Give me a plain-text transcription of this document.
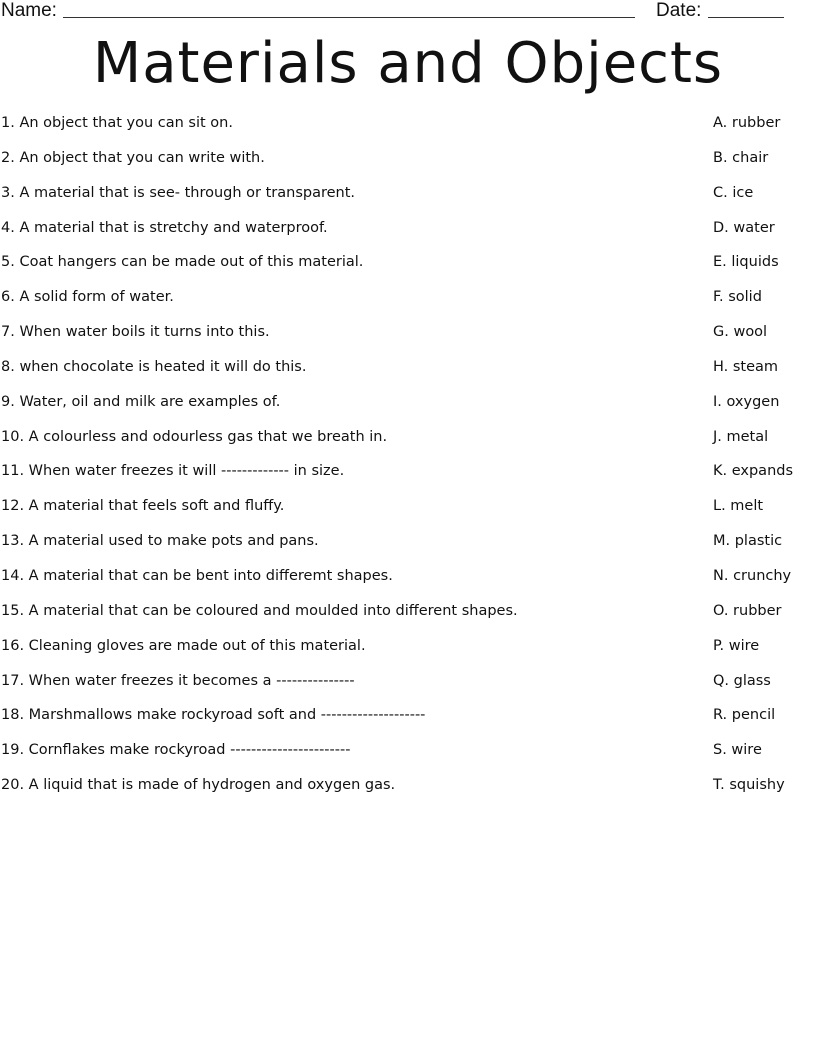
Name:	Date:
Materials and Objects
1. An object that you can sit on.	A. rubber
2. An object that you can write with.	B. chair
3. A material that is see- through or transparent.	C. ice
4. A material that is stretchy and waterproof.	D. water
5. Coat hangers can be made out of this material.	E. liquids
6. A solid form of water.	F. solid
7. When water boils it turns into this.	G. wool
8. when chocolate is heated it will do this.	H. steam
9. Water, oil and milk are examples of.	I. oxygen
10. A colourless and odourless gas that we breath in.	J. metal
11. When water freezes it will ------------- in size.	K. expands
12. A material that feels soft and fluffy.	L. melt
13. A material used to make pots and pans.	M. plastic
14. A material that can be bent into differemt shapes.	N. crunchy
15. A material that can be coloured and moulded into different shapes.	O. rubber
16. Cleaning gloves are made out of this material.	P. wire
17. When water freezes it becomes a ---------------	Q. glass
18. Marshmallows make rockyroad soft and --------------------	R. pencil
19. Cornflakes make rockyroad -----------------------	S. wire
20. A liquid that is made of hydrogen and oxygen gas.	T. squishy
